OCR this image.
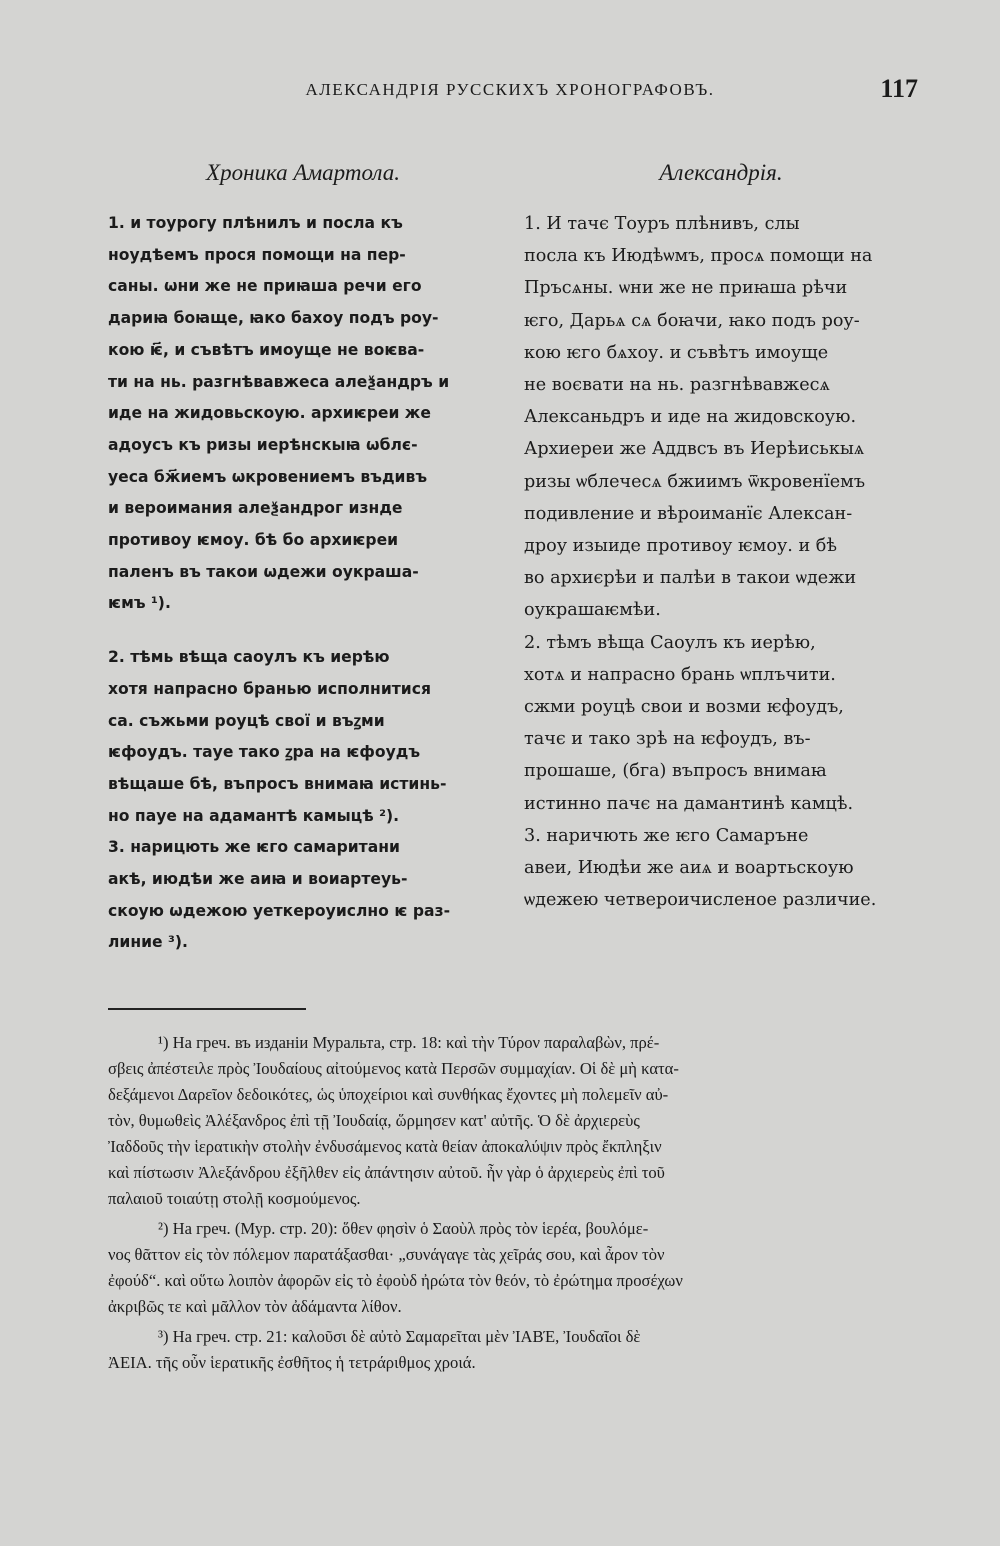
АЛЕКСАНДРІЯ РУССКИХЪ ХРОНОГРАФОВЪ.	117
Хроника Амартола.
1. и тоурогу плѣнилъ и посла къ
ноудѣемъ прося помощи на пер-
саны. ѡни же не приꙗша речи его
дариꙗ боꙗще, ꙗко бахоу подъ роу-
кою ѥ҃, и съвѣтъ имоуще не воѥва-
ти на нь. разгнѣвавжеса алеѯандръ и
иде на жидовьскоую. архиѥреи же
адоусъ къ ризы иерѣнскыꙗ ѡблє-
уеса бж҃иемъ ѡкровениемъ въдивъ
и вероимания алеѯандрог изнде
противоу ѥмоу. бѣ бо архиѥреи
паленъ въ такои ѡдежи оукраша-
ѥмъ ¹).
2. тѣмь вѣща саоулъ къ иерѣю
хотя напрасно бранью исполнитися
са. съжьми роуцѣ свої и въꙁми
ѥфоудъ. тауе тако ꙁра на ѥфоудъ
вѣщаше бѣ, въпросъ внимаꙗ истинь-
но пауе на адамантѣ камыцѣ ²).
3. нарицють же ѥго самаритани
акѣ, июдѣи же аиꙗ и воиартеуь-
скоую ѡдежою уеткероуислно ѥ раз-
линие ³).
Александрія.
1. И тачє Тоуръ плѣнивъ, слы
посла къ Июдѣѡмъ, просѧ помощи на
Пръсѧны. ѡни же не приꙗша рѣчи
ѥго, Дарьѧ сѧ боꙗчи, ꙗко подъ роу-
кою ѥго бѧхоу. и съвѣтъ имоуще
не воєвати на нь. разгнѣвавжесѧ
Алексаньдръ и иде на жидовскоую.
Архиереи же Аддвсъ въ Иерѣиськыѧ
ризы ѡблечесѧ бжиимъ ѿкровенїемъ
подивление и вѣроиманїє Алексан-
дроу изыиде противоу ѥмоу. и бѣ
во архиєрѣи и палѣи в такои ѡдежи
оукрашаѥмѣи.
2. тѣмъ вѣща Саоулъ къ иерѣю,
хотѧ и напрасно брань ѡплъчити.
сжми роуцѣ свои и возми ѥфоудъ,
тачє и тако зрѣ на ѥфоудъ, въ-
прошаше, (бга) въпросъ внимаꙗ
истинно пачє на дамантинѣ камцѣ.
3. наричють же ѥго Самаръне
авеи, Июдѣи же аиѧ и воартьскоую
ѡдежею четвероичисленое различие.
¹) На греч. въ изданіи Муральта, стр. 18: καὶ τὴν Τύρον παραλαβὼν, πρέ-
σβεις ἀπέστειλε πρὸς Ἰουδαίους αἰτούμενος κατὰ Περσῶν συμμαχίαν. Οἱ δὲ μὴ κατα-
δεξάμενοι Δαρεῖον δεδοικότες, ὡς ὑποχείριοι καὶ συνθήκας ἔχοντες μὴ πολεμεῖν αὐ-
τὸν, θυμωθεὶς Ἀλέξανδρος ἐπὶ τῇ Ἰουδαίᾳ, ὥρμησεν κατ' αὐτῆς. Ὁ δὲ ἀρχιερεὺς
Ἰαδδοῦς τὴν ἱερατικὴν στολὴν ἐνδυσάμενος κατὰ θείαν ἀποκαλύψιν πρὸς ἔκπληξιν
καὶ πίστωσιν Ἀλεξάνδρου ἐξῆλθεν εἰς ἀπάντησιν αὐτοῦ. ἦν γὰρ ὁ ἀρχιερεὺς ἐπὶ τοῦ
παλαιοῦ τοιαύτῃ στολῇ κοσμούμενος.
²) На греч. (Мур. стр. 20): ὅθεν φησὶν ὁ Σαοὺλ πρὸς τὸν ἱερέα, βουλόμε-
νος θᾶττον εἰς τὸν πόλεμον παρατάξασθαι· „συνάγαγε τὰς χεῖράς σου, καὶ ἆρον τὸν
ἐφούδ“. καὶ οὕτω λοιπὸν ἀφορῶν εἰς τὸ ἐφοὺδ ἠρώτα τὸν θεόν, τὸ ἐρώτημα προσέχων
ἀκριβῶς τε καὶ μᾶλλον τὸν ἀδάμαντα λίθον.
³) На греч. стр. 21: καλοῦσι δὲ αὐτὸ Σαμαρεῖται μὲν ἸΑΒΈ, Ἰουδαῖοι δὲ
ἈΕΙΑ. τῆς οὖν ἱερατικῆς ἐσθῆτος ἡ τετράριθμος χροιά.
